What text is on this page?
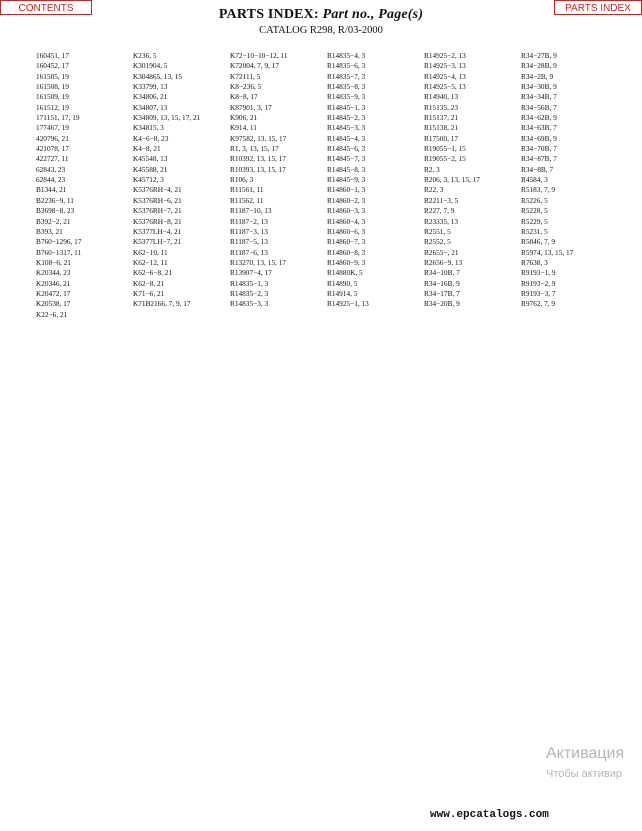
CONTENTS	PARTS INDEX
PARTS INDEX: Part no., Page(s)
CATALOG R298, R/03-2000
160451, 17
160452, 17
161505, 19
161508, 19
161509, 19
161512, 19
171151, 17, 19
177467, 19
420796, 21
421078, 17
422727, 11
62843, 23
62844, 23
B1344, 21
B2236−9, 11
B3698−8, 23
B392−2, 21
B393, 21
B760−1296, 17
B760−1317, 11
K108−6, 21
K20344, 23
K20346, 21
K20472, 17
K20538, 17
K22−6, 21
K236, 5
K301904, 5
K304865, 13, 15
K33799, 13
K34806, 21
K34807, 13
K34809, 13, 15, 17, 21
K34815, 3
K4−6−8, 23
K4−8, 21
K45548, 13
K45588, 21
K45712, 3
K5376RH−4, 21
K5376RH−6, 21
K5376RH−7, 21
K5376RH−8, 21
K5377LH−4, 21
K5377LH−7, 21
K62−10, 11
K62−12, 11
K62−6−8, 21
K62−8, 21
K71−6, 21
K71B2166, 7, 9, 17
K72−10−10−12, 11
K72004, 7, 9, 17
K72111, 5
K8−236, 5
K8−8, 17
K87901, 3, 17
K906, 21
K914, 11
K97582, 13, 15, 17
R1, 3, 13, 15, 17
R10392, 13, 15, 17
R10393, 13, 15, 17
R106, 3
R11561, 11
R11562, 11
R1187−10, 13
R1187−2, 13
R1187−3, 13
R1187−5, 13
R1187−6, 13
R13270, 13, 15, 17
R13907−4, 17
R14835−1, 3
R14835−2, 3
R14835−3, 3
R14835−4, 3
R14835−6, 3
R14835−7, 3
R14835−8, 3
R14835−9, 3
R14845−1, 3
R14845−2, 3
R14845−3, 3
R14845−4, 3
R14845−6, 3
R14845−7, 3
R14845−8, 3
R14845−9, 3
R14860−1, 3
R14860−2, 3
R14860−3, 3
R14860−4, 3
R14860−6, 3
R14860−7, 3
R14860−8, 3
R14860−9, 3
R14880K, 5
R14890, 5
R14914, 5
R14925−1, 13
R14925−2, 13
R14925−3, 13
R14925−4, 13
R14925−5, 13
R14940, 13
R15135, 23
R15137, 21
R15138, 21
R17500, 17
R19055−1, 15
R19055−2, 15
R2, 3
R206, 3, 13, 15, 17
R22, 3
R2211−3, 5
R227, 7, 9
R23335, 13
R2551, 5
R2552, 5
R2655−, 21
R2656−9, 13
R34−10B, 7
R34−16B, 9
R34−17B, 7
R34−20B, 9
R34−27B, 9
R34−28B, 9
R34−2B, 9
R34−30B, 9
R34−34B, 7
R34−56B, 7
R34−62B, 9
R34−63B, 7
R34−69B, 9
R34−70B, 7
R34−87B, 7
R34−8B, 7
R4584, 3
R5183, 7, 9
R5226, 5
R5228, 5
R5229, 5
R5231, 5
R5846, 7, 9
R5974, 13, 15, 17
R7638, 3
R9193−1, 9
R9193−2, 9
R9193−3, 7
R9762, 7, 9
Активация
Чтобы активир
www.epcatalogs.com
